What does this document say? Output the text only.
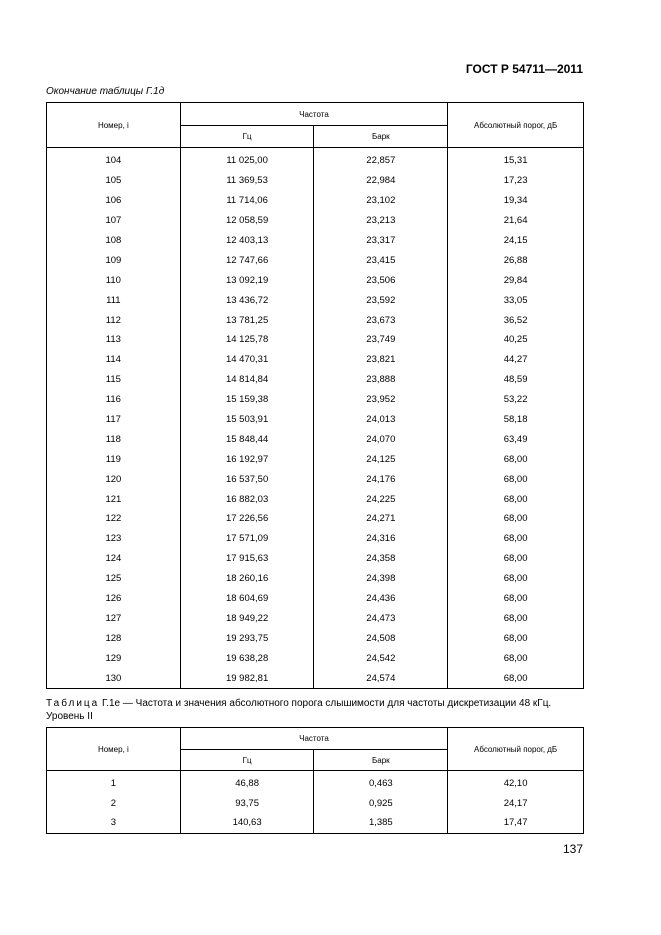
ГОСТ Р 54711—2011
Окончание таблицы Г.1д
Номер, i	Частота		Абсолютный порог, дБ
	Гц	Барк	
104	11 025,00	22,857	15,31
105	11 369,53	22,984	17,23
106	11 714,06	23,102	19,34
107	12 058,59	23,213	21,64
108	12 403,13	23,317	24,15
109	12 747,66	23,415	26,88
110	13 092,19	23,506	29,84
111	13 436,72	23,592	33,05
112	13 781,25	23,673	36,52
113	14 125,78	23,749	40,25
114	14 470,31	23,821	44,27
115	14 814,84	23,888	48,59
116	15 159,38	23,952	53,22
117	15 503,91	24,013	58,18
118	15 848,44	24,070	63,49
119	16 192,97	24,125	68,00
120	16 537,50	24,176	68,00
121	16 882,03	24,225	68,00
122	17 226,56	24,271	68,00
123	17 571,09	24,316	68,00
124	17 915,63	24,358	68,00
125	18 260,16	24,398	68,00
126	18 604,69	24,436	68,00
127	18 949,22	24,473	68,00
128	19 293,75	24,508	68,00
129	19 638,28	24,542	68,00
130	19 982,81	24,574	68,00
Таблица Г.1е — Частота и значения абсолютного порога слышимости для частоты дискретизации 48 кГц. Уровень II
Номер, i	Частота		Абсолютный порог, дБ
	Гц	Барк	
1	46,88	0,463	42,10
2	93,75	0,925	24,17
3	140,63	1,385	17,47
137
